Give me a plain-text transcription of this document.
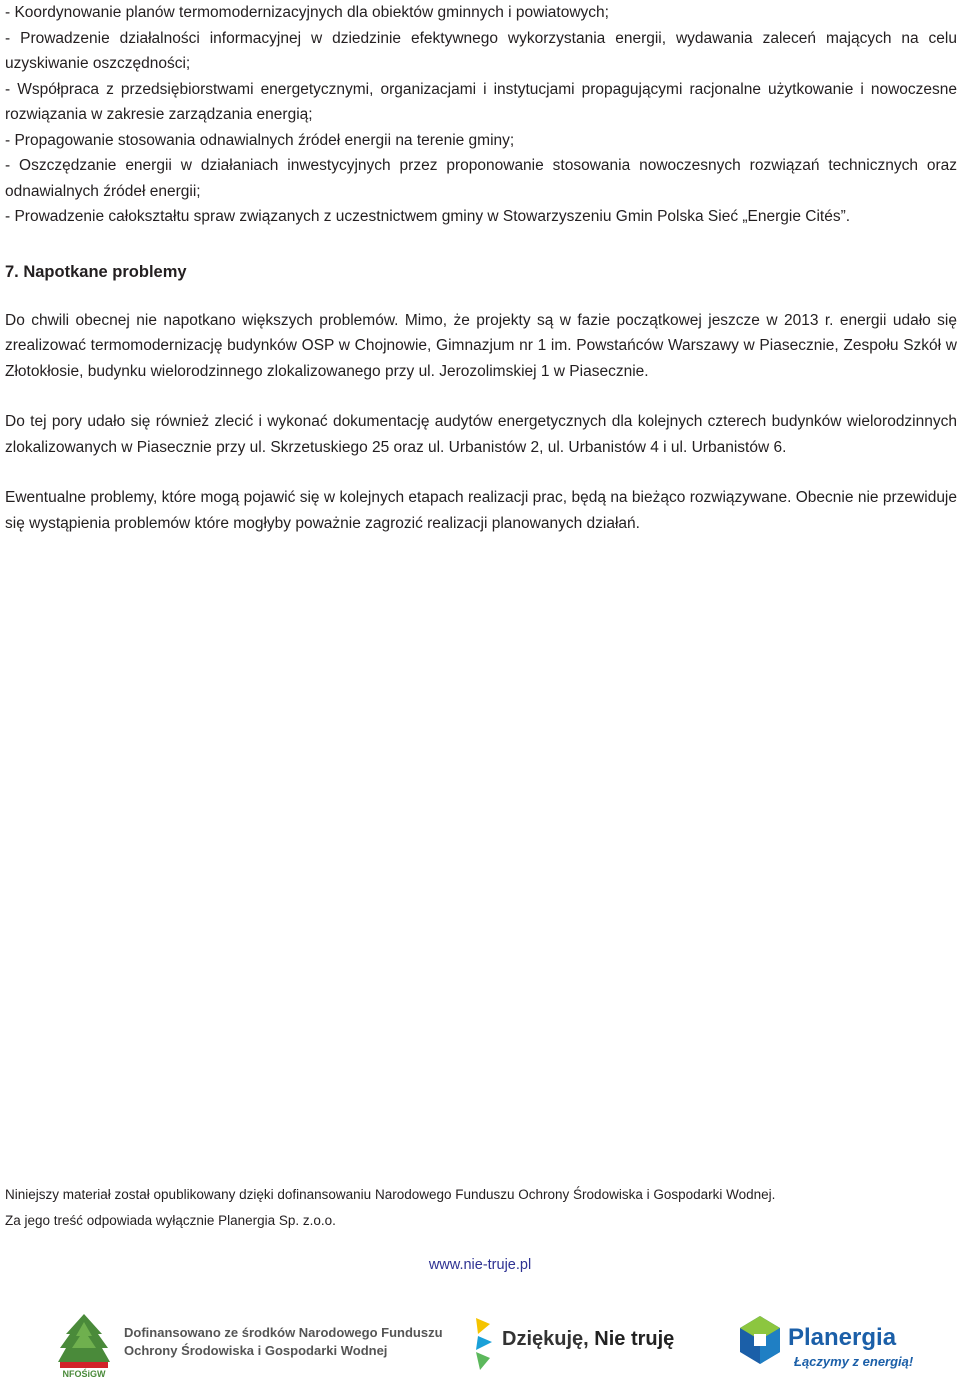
- Koordynowanie planów termomodernizacyjnych dla obiektów gminnych i powiatowych;
- Prowadzenie działalności informacyjnej w dziedzinie efektywnego wykorzystania energii, wydawania zaleceń mających na celu uzyskiwanie oszczędności;
- Współpraca z przedsiębiorstwami energetycznymi, organizacjami i instytucjami propagującymi racjonalne użytkowanie i nowoczesne rozwiązania w zakresie zarządzania energią;
- Propagowanie stosowania odnawialnych źródeł energii na terenie gminy;
- Oszczędzanie energii w działaniach inwestycyjnych przez proponowanie stosowania nowoczesnych rozwiązań technicznych oraz odnawialnych źródeł energii;
- Prowadzenie całokształtu spraw związanych z uczestnictwem gminy w Stowarzyszeniu Gmin Polska Sieć „Energie Cités”.
7. Napotkane problemy

Do chwili obecnej nie napotkano większych problemów. Mimo, że projekty są w fazie początkowej jeszcze w 2013 r. energii udało się zrealizować termomodernizację budynków OSP w Chojnowie, Gimnazjum nr 1 im. Powstańców Warszawy w Piasecznie, Zespołu Szkół w Złotokłosie, budynku wielorodzinnego zlokalizowanego przy ul. Jerozolimskiej 1 w Piasecznie.

Do tej pory udało się również zlecić i wykonać dokumentację audytów energetycznych dla kolejnych czterech budynków wielorodzinnych zlokalizowanych w Piasecznie przy ul. Skrzetuskiego 25 oraz ul. Urbanistów 2, ul. Urbanistów 4 i ul. Urbanistów 6.

Ewentualne problemy, które mogą pojawić się w kolejnych etapach realizacji prac, będą na bieżąco rozwiązywane. Obecnie nie przewiduje się wystąpienia problemów które mogłyby poważnie zagrozić realizacji planowanych działań.

Niniejszy materiał został opublikowany dzięki dofinansowaniu Narodowego Funduszu Ochrony Środowiska i Gospodarki Wodnej.
Za jego treść odpowiada wyłącznie Planergia Sp. z.o.o.
www.nie-truje.pl
NFOŚiGW
Dofinansowano ze środków Narodowego Funduszu
Ochrony Środowiska i Gospodarki Wodnej
Dziękuję, Nie truję	Planergia
Łączymy z energią!
